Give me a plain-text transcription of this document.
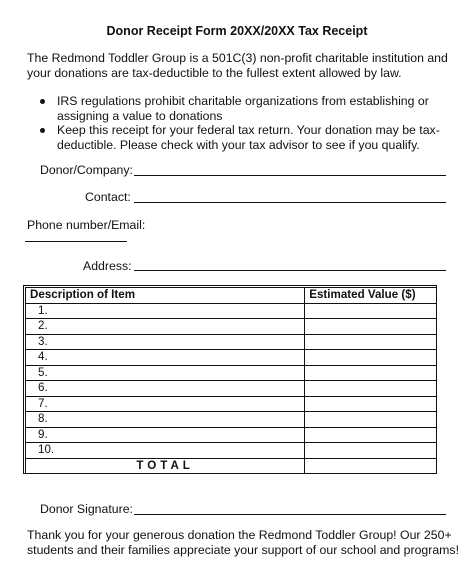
Donor Receipt Form 20XX/20XX Tax Receipt
The Redmond Toddler Group is a 501C(3) non-profit charitable institution and your donations are tax-deductible to the fullest extent allowed by law.
IRS regulations prohibit charitable organizations from establishing or assigning a value to donations
Keep this receipt for your federal tax return. Your donation may be tax-deductible. Please check with your tax advisor to see if you qualify.
Donor/Company:
Contact:
Phone number/Email:
Address:
Description of Item	Estimated Value ($)
1.	
2.	
3.	
4.	
5.	
6.	
7.	
8.	
9.	
10.	
TOTAL	
Donor Signature:
Thank you for your generous donation the Redmond Toddler Group! Our 250+ students and their families appreciate your support of our school and programs!
